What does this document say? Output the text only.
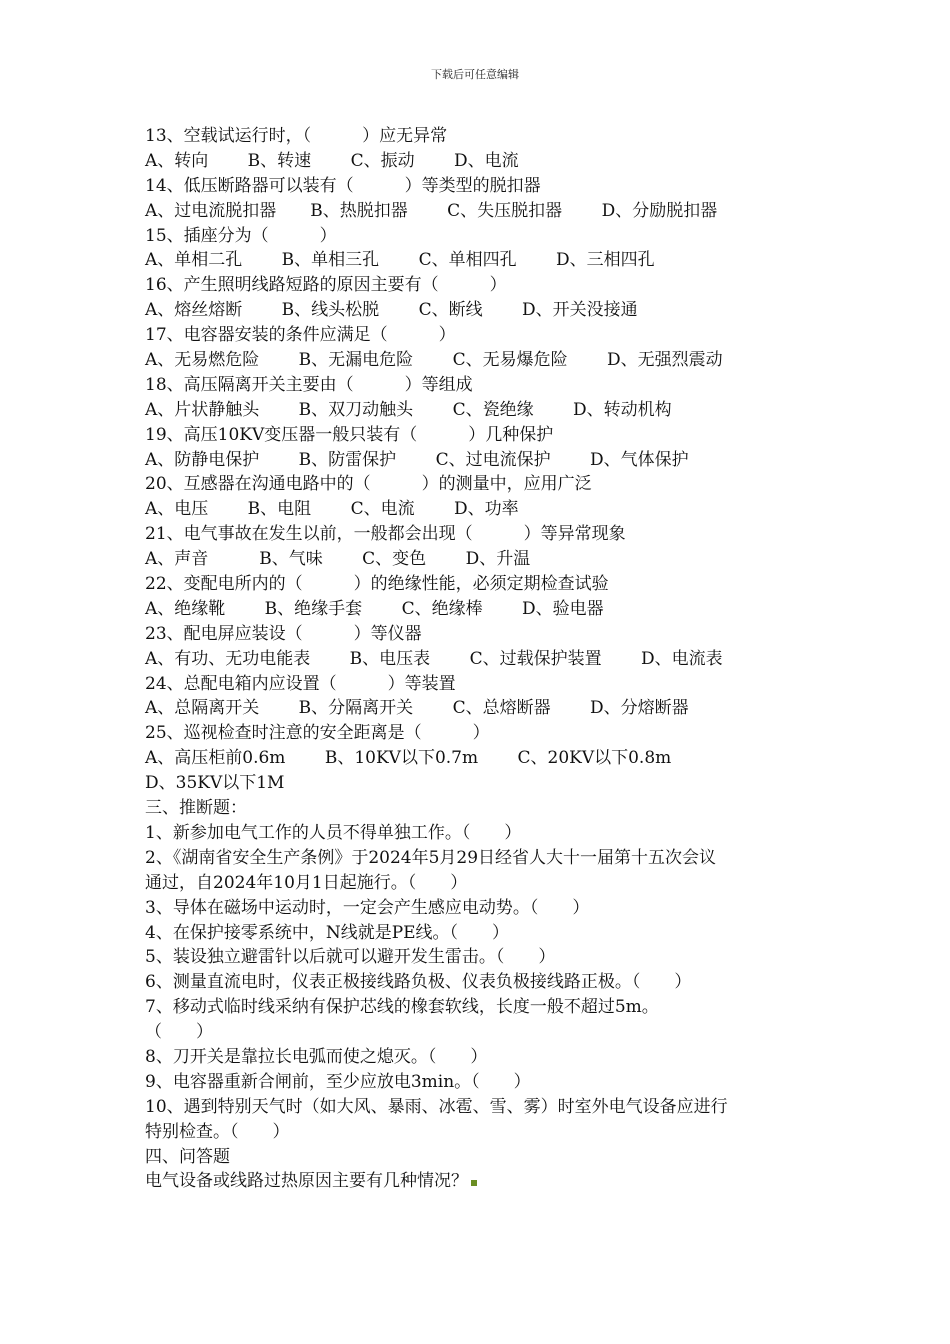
下载后可任意编辑
13、空载试运行时，（　　　）应无异常
A、转向　　 B、转速　　 C、振动　　 D、电流
14、低压断路器可以装有（　　　）等类型的脱扣器
A、过电流脱扣器　　B、热脱扣器　　 C、失压脱扣器　　 D、分励脱扣器
15、插座分为（　　　）
A、单相二孔　　 B、单相三孔　　 C、单相四孔　　 D、三相四孔
16、产生照明线路短路的原因主要有（　　　）
A、熔丝熔断　　 B、线头松脱　　 C、断线　　 D、开关没接通
17、电容器安装的条件应满足（　　　）
A、无易燃危险　　 B、无漏电危险　　 C、无易爆危险　　 D、无强烈震动
18、高压隔离开关主要由（　　　）等组成
A、片状静触头　　 B、双刀动触头　　 C、瓷绝缘　　 D、转动机构
19、高压10KV变压器一般只装有（　　　）几种保护
A、防静电保护　　 B、防雷保护　　 C、过电流保护　　 D、气体保护
20、互感器在沟通电路中的（　　　）的测量中，应用广泛
A、电压　　 B、电阻　　 C、电流　　 D、功率
21、电气事故在发生以前，一般都会出现（　　　）等异常现象
A、声音　　　B、气味　　 C、变色　　 D、升温
22、变配电所内的（　　　）的绝缘性能，必须定期检查试验
A、绝缘靴　　 B、绝缘手套　　 C、绝缘棒　　 D、验电器
23、配电屏应装设（　　　）等仪器
A、有功、无功电能表　　 B、电压表　　 C、过载保护装置　　 D、电流表
24、总配电箱内应设置（　　　）等装置
A、总隔离开关　　 B、分隔离开关　　 C、总熔断器　　 D、分熔断器
25、巡视检查时注意的安全距离是（　　　）
A、高压柜前0.6m　　 B、10KV以下0.7m　　 C、20KV以下0.8m
D、35KV以下1M
三、推断题：
1、新参加电气工作的人员不得单独工作。（　　）
2、《湖南省安全生产条例》于2024年5月29日经省人大十一届第十五次会议
通过，自2024年10月1日起施行。（　　）
3、导体在磁场中运动时，一定会产生感应电动势。（　　）
4、在保护接零系统中，N线就是PE线。（　　）
5、装设独立避雷针以后就可以避开发生雷击。（　　）
6、测量直流电时，仪表正极接线路负极、仪表负极接线路正极。（　　）
7、移动式临时线采纳有保护芯线的橡套软线，长度一般不超过5m。
（　　）
8、刀开关是靠拉长电弧而使之熄灭。（　　）
9、电容器重新合闸前，至少应放电3min。（　　）
10、遇到特别天气时（如大风、暴雨、冰雹、雪、雾）时室外电气设备应进行
特别检查。（　　）
四、问答题
电气设备或线路过热原因主要有几种情况？
